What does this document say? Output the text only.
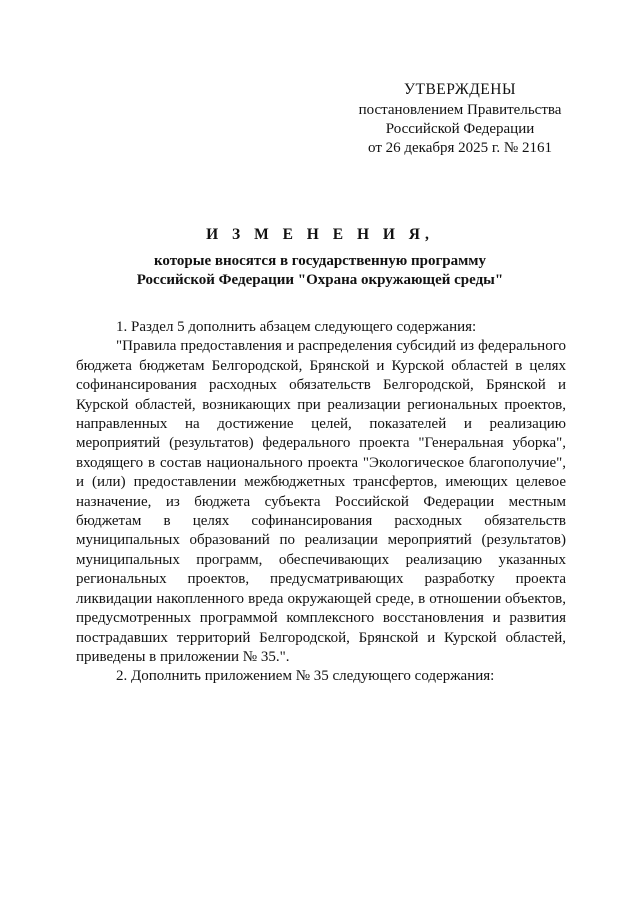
УТВЕРЖДЕНЫ
постановлением Правительства
Российской Федерации
от 26 декабря 2025 г. № 2161
И З М Е Н Е Н И Я,
которые вносятся в государственную программу
Российской Федерации "Охрана окружающей среды"

1. Раздел 5 дополнить абзацем следующего содержания:

"Правила предоставления и распределения субсидий из федерального бюджета бюджетам Белгородской, Брянской и Курской областей в целях софинансирования расходных обязательств Белгородской, Брянской и Курской областей, возникающих при реализации региональных проектов, направленных на достижение целей, показателей и реализацию мероприятий (результатов) федерального проекта "Генеральная уборка", входящего в состав национального проекта "Экологическое благополучие", и (или) предоставлении межбюджетных трансфертов, имеющих целевое назначение, из бюджета субъекта Российской Федерации местным бюджетам в целях софинансирования расходных обязательств муниципальных образований по реализации мероприятий (результатов) муниципальных программ, обеспечивающих реализацию указанных региональных проектов, предусматривающих разработку проекта ликвидации накопленного вреда окружающей среде, в отношении объектов, предусмотренных программой комплексного восстановления и развития пострадавших территорий Белгородской, Брянской и Курской областей, приведены в приложении № 35.".

2. Дополнить приложением № 35 следующего содержания:
